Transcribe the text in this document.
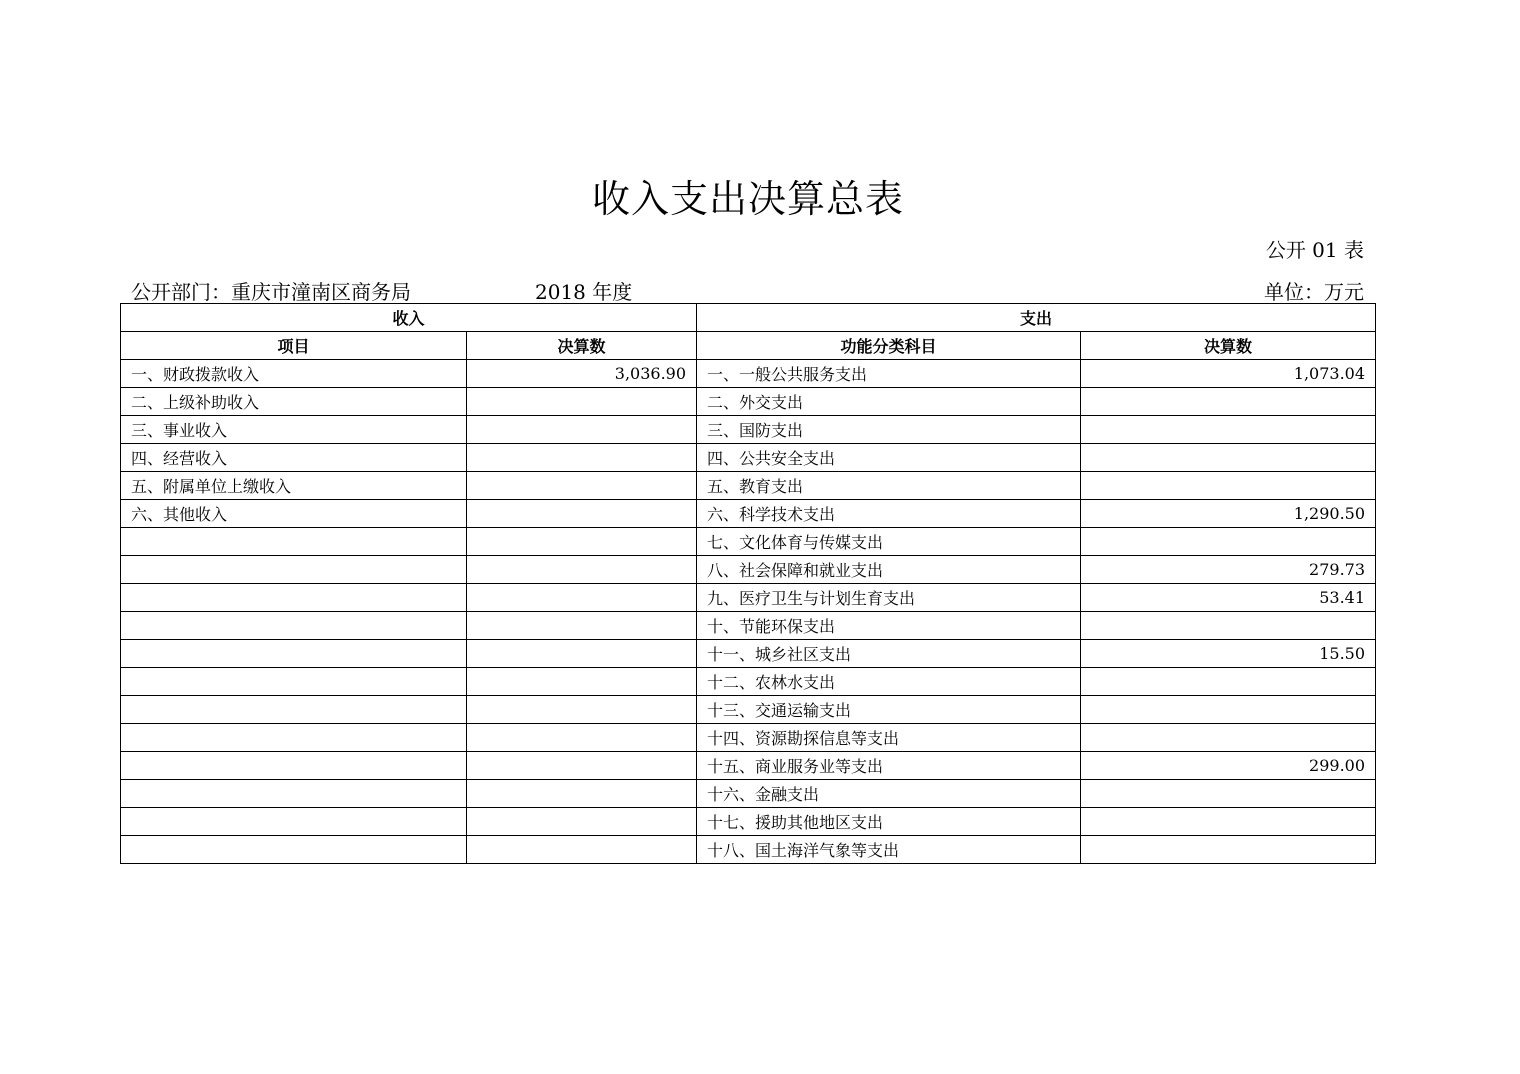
收入支出决算总表
公开 01 表
公开部门：重庆市潼南区商务局	2018 年度	单位：万元
收入		支出	
项目	决算数	功能分类科目	决算数
一、财政拨款收入	3,036.90	一、一般公共服务支出	1,073.04
二、上级补助收入		二、外交支出	
三、事业收入		三、国防支出	
四、经营收入		四、公共安全支出	
五、附属单位上缴收入		五、教育支出	
六、其他收入		六、科学技术支出	1,290.50
		七、文化体育与传媒支出	
		八、社会保障和就业支出	279.73
		九、医疗卫生与计划生育支出	53.41
		十、节能环保支出	
		十一、城乡社区支出	15.50
		十二、农林水支出	
		十三、交通运输支出	
		十四、资源勘探信息等支出	
		十五、商业服务业等支出	299.00
		十六、金融支出	
		十七、援助其他地区支出	
		十八、国土海洋气象等支出	
